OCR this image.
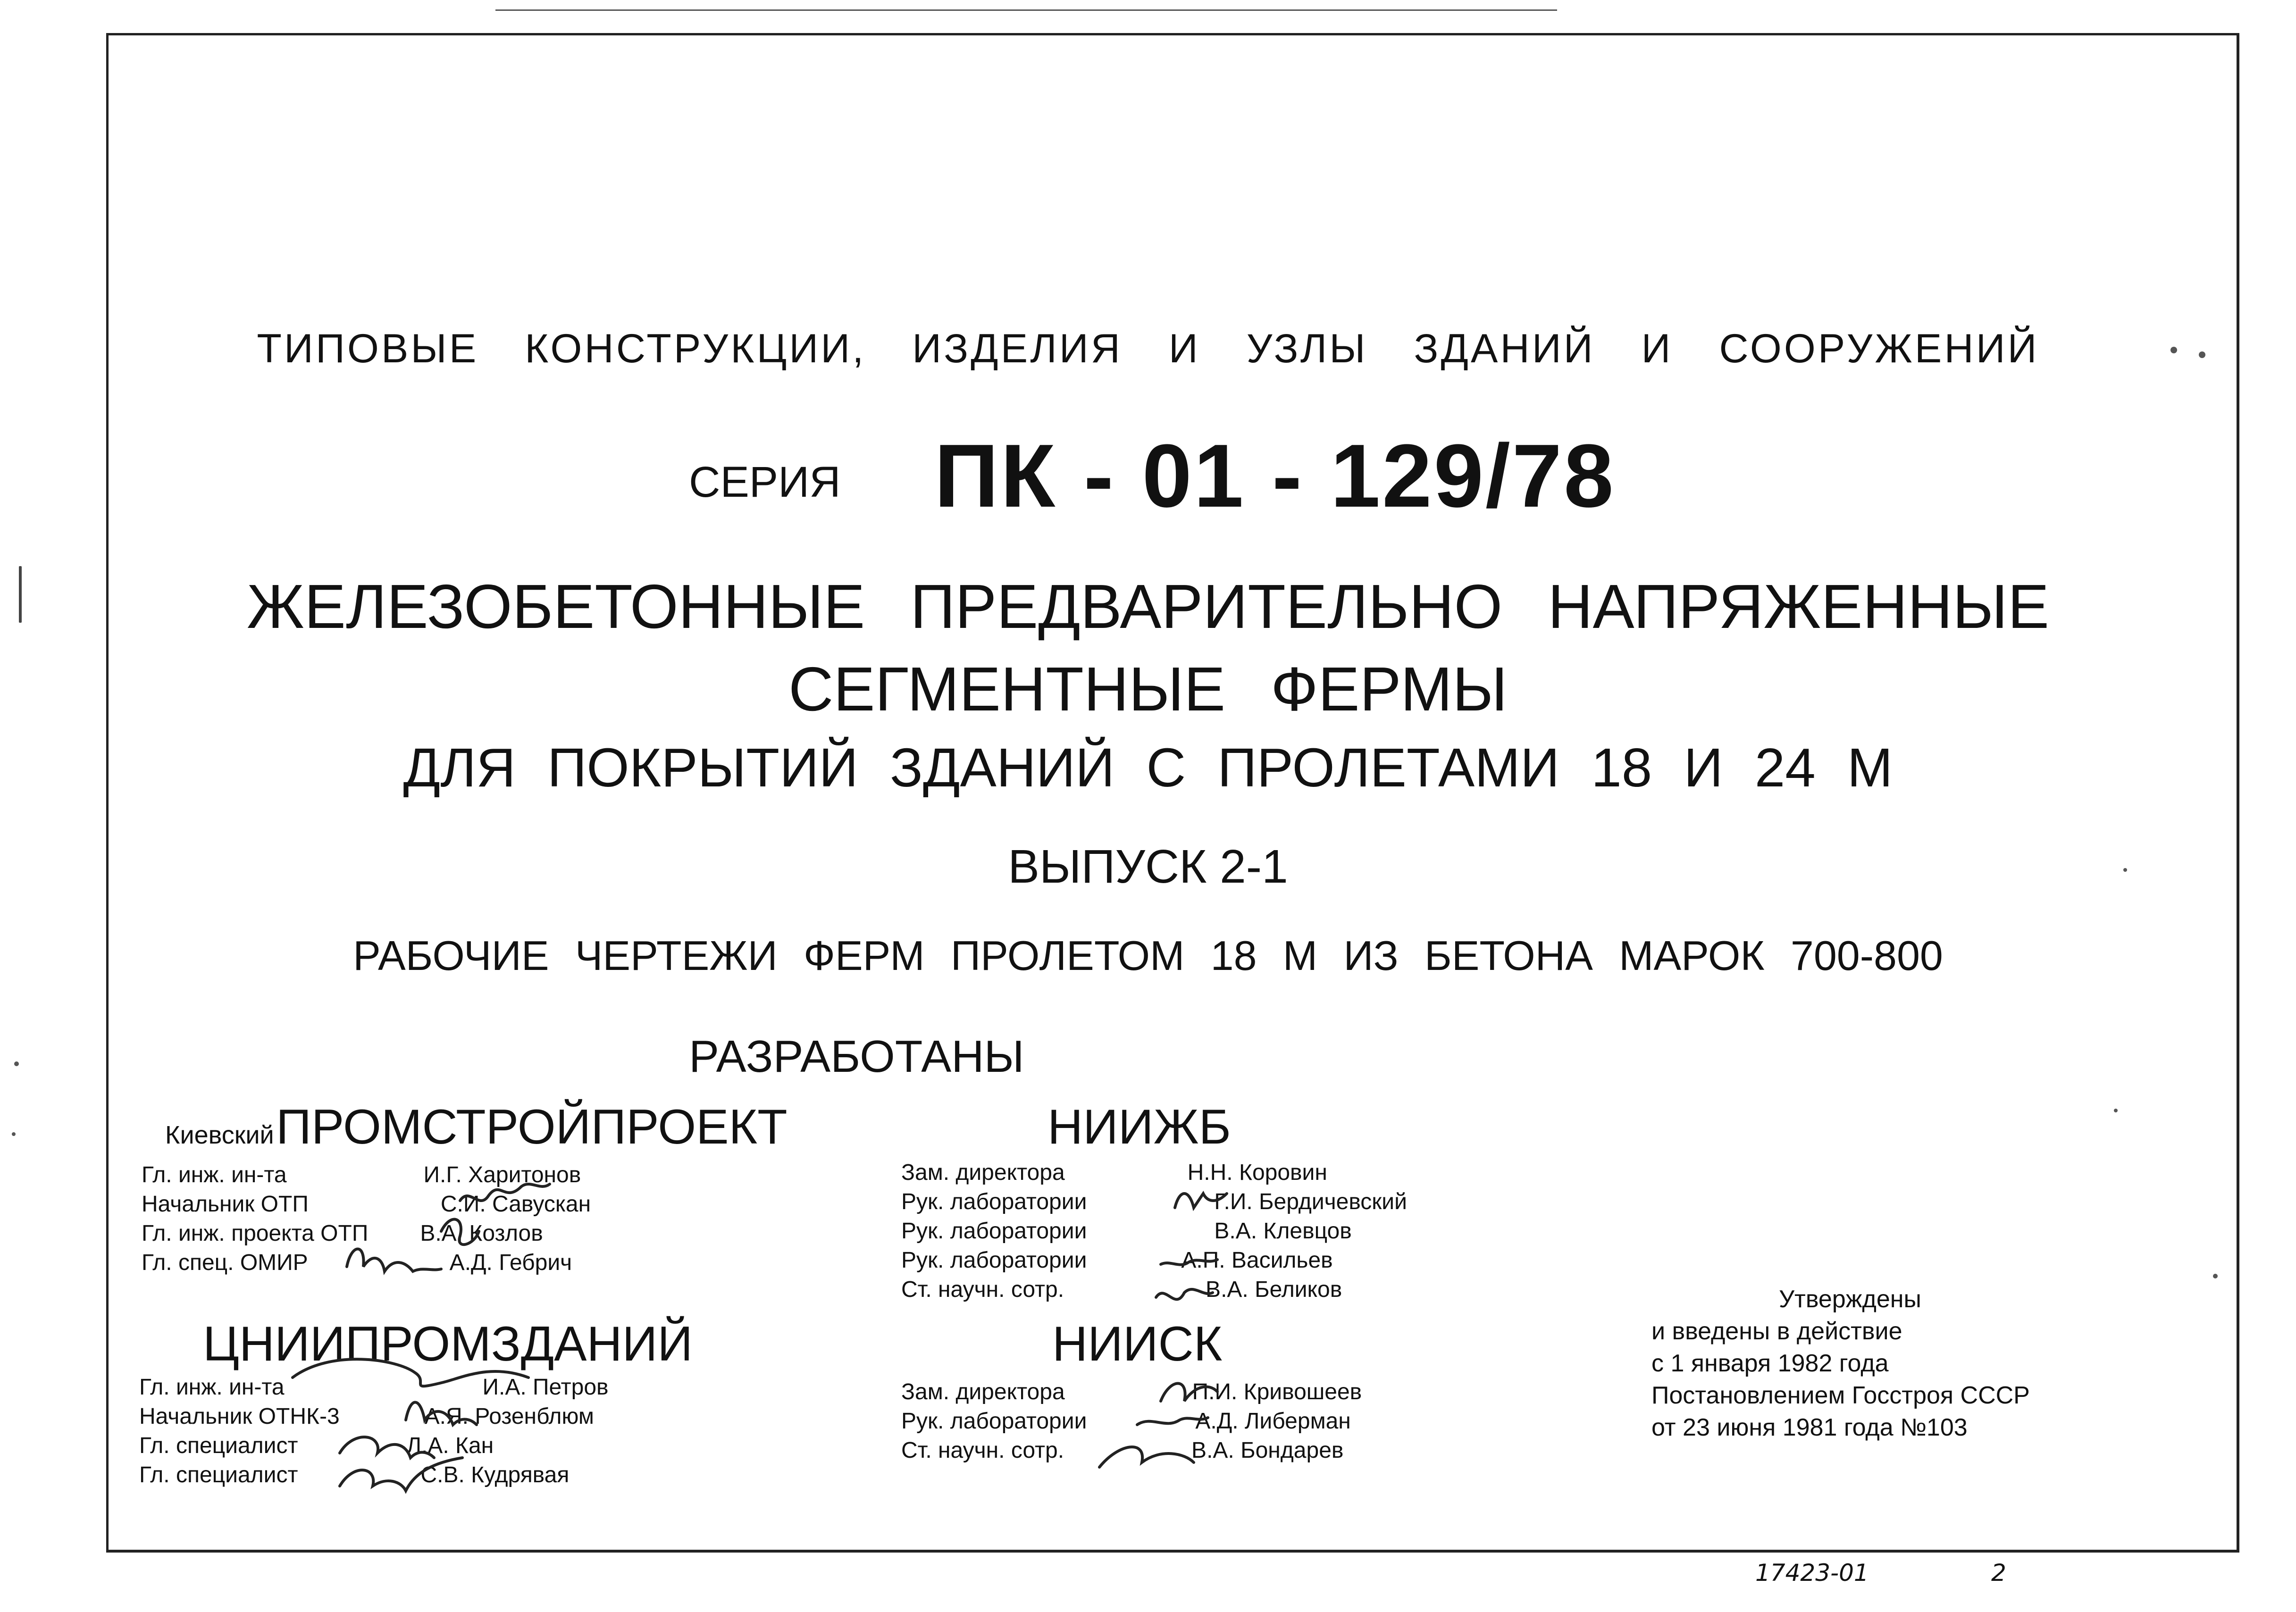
ТИПОВЫЕ КОНСТРУКЦИИ, ИЗДЕЛИЯ И УЗЛЫ ЗДАНИЙ И СООРУЖЕНИЙ
СЕРИЯ ПК - 01 - 129/78
ЖЕЛЕЗОБЕТОННЫЕ ПРЕДВАРИТЕЛЬНО НАПРЯЖЕННЫЕ
СЕГМЕНТНЫЕ ФЕРМЫ
ДЛЯ ПОКРЫТИЙ ЗДАНИЙ С ПРОЛЕТАМИ 18 И 24 М
ВЫПУСК 2-1
РАБОЧИЕ ЧЕРТЕЖИ ФЕРМ ПРОЛЕТОМ 18 М ИЗ БЕТОНА МАРОК 700-800
РАЗРАБОТАНЫ
Киевский ПРОМСТРОЙПРОЕКТ
Гл. инж. ин-та	И.Г. Харитонов
Начальник ОТП	С.И. Савускан
Гл. инж. проекта ОТП В.А. Козлов
Гл. спец. ОМИР	А.Д. Гебрич
НИИЖБ
Зам. директора	Н.Н. Коровин
Рук. лаборатории	Г.И. Бердичевский
Рук. лаборатории	В.А. Клевцов
Рук. лаборатории	А.П. Васильев
Ст. научн. сотр.	В.А. Беликов
ЦНИИПРОМЗДАНИЙ
Гл. инж. ин-та	И.А. Петров
Начальник ОТНК-3	А.Я. Розенблюм
Гл. специалист	Л.А. Кан
Гл. специалист	С.В. Кудрявая
НИИСК
Зам. директора	П.И. Кривошеев
Рук. лаборатории	А.Д. Либерман
Ст. научн. сотр.	В.А. Бондарев
Утверждены
и введены в действие
с 1 января 1982 года
Постановлением Госстроя СССР
от 23 июня 1981 года №103
17423-01	2
